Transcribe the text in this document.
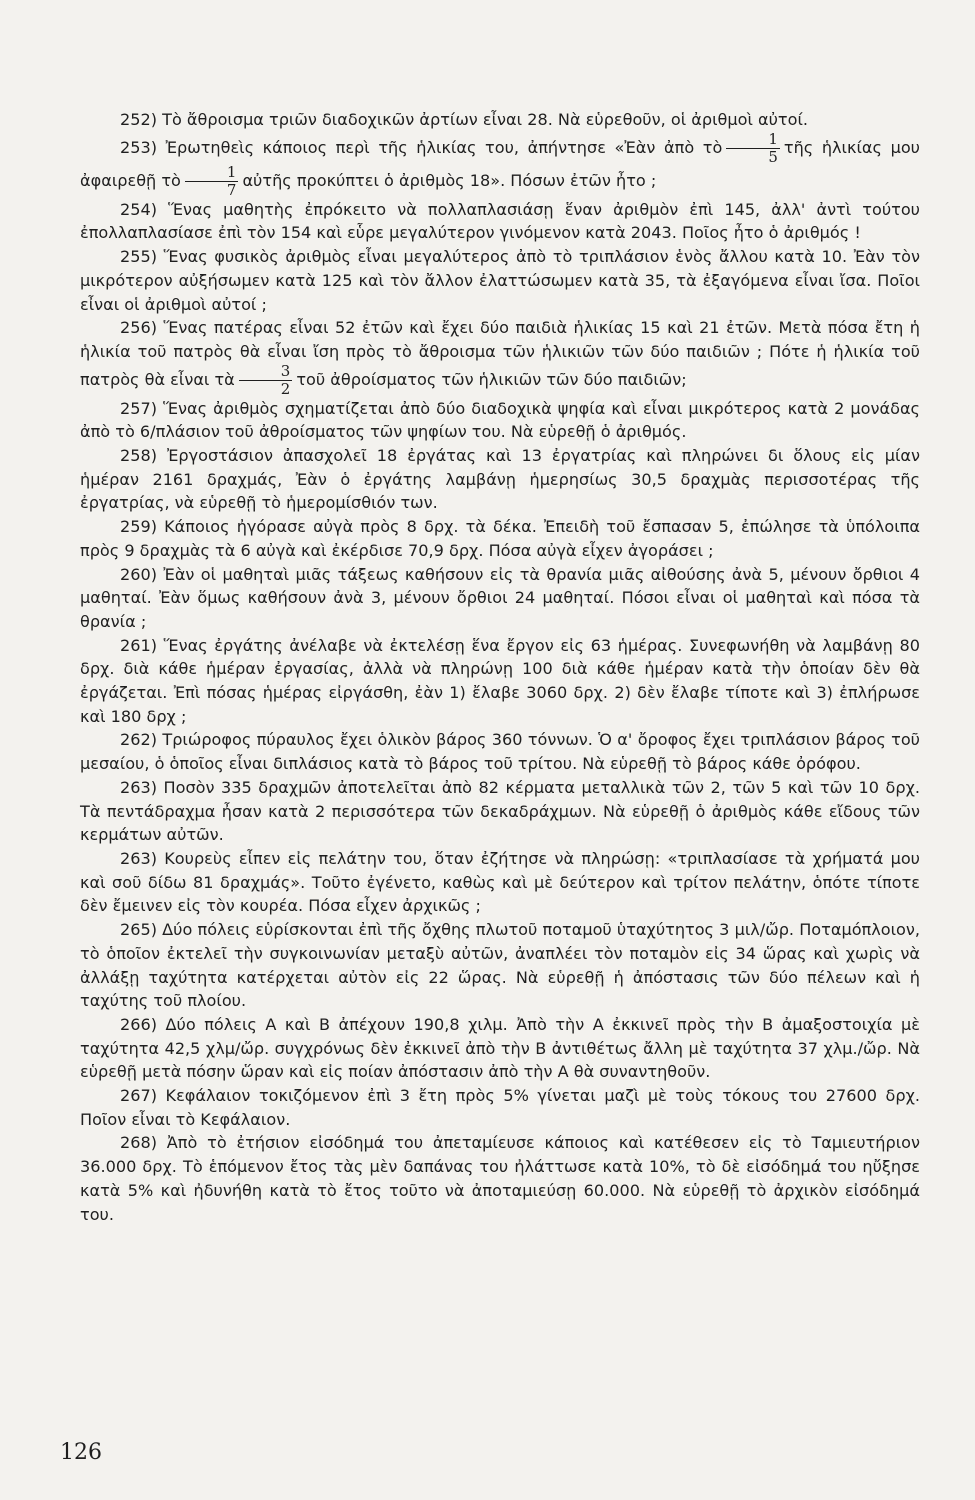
252) Τὸ ἄθροισμα τριῶν διαδοχικῶν ἀρτίων εἶναι 28. Νὰ εὑρεθοῦν, οἱ ἀριθμοὶ αὐτοί.

253) Ἐρωτηθεὶς κάποιος περὶ τῆς ἡλικίας του, ἀπήντησε «Ἐὰν ἀπὸ τὸ $\frac{1}{5}$ τῆς ἡλικίας μου ἀφαιρεθῇ τὸ $\frac{1}{7}$ αὐτῆς προκύπτει ὁ ἀριθμὸς 18». Πόσων ἐτῶν ἦτο ;

254) Ἕνας μαθητὴς ἐπρόκειτο νὰ πολλαπλασιάσῃ ἕναν ἀριθμὸν ἐπὶ 145, ἀλλ' ἀντὶ τούτου ἐπολλαπλασίασε ἐπὶ τὸν 154 καὶ εὗρε μεγαλύτερον γινόμενον κατὰ 2043. Ποῖος ἦτο ὁ ἀριθμός !

255) Ἕνας φυσικὸς ἀριθμὸς εἶναι μεγαλύτερος ἀπὸ τὸ τριπλάσιον ἑνὸς ἄλλου κατὰ 10. Ἐὰν τὸν μικρότερον αὐξήσωμεν κατὰ 125 καὶ τὸν ἄλλον ἐλαττώσωμεν κατὰ 35, τὰ ἐξαγόμενα εἶναι ἴσα. Ποῖοι εἶναι οἱ ἀριθμοὶ αὐτοί ;

256) Ἕνας πατέρας εἶναι 52 ἐτῶν καὶ ἔχει δύο παιδιὰ ἡλικίας 15 καὶ 21 ἐτῶν. Μετὰ πόσα ἔτη ἡ ἡλικία τοῦ πατρὸς θὰ εἶναι ἴση πρὸς τὸ ἄθροισμα τῶν ἡλικιῶν τῶν δύο παιδιῶν ; Πότε ἡ ἡλικία τοῦ πατρὸς θὰ εἶναι τὰ $\frac{3}{2}$ τοῦ ἀθροίσματος τῶν ἡλικιῶν τῶν δύο παιδιῶν;

257) Ἕνας ἀριθμὸς σχηματίζεται ἀπὸ δύο διαδοχικὰ ψηφία καὶ εἶναι μικρότερος κατὰ 2 μονάδας ἀπὸ τὸ 6/πλάσιον τοῦ ἀθροίσματος τῶν ψηφίων του. Νὰ εὑρεθῇ ὁ ἀριθμός.

258) Ἐργοστάσιον ἀπασχολεῖ 18 ἐργάτας καὶ 13 ἐργατρίας καὶ πληρώνει δι ὅλους εἰς μίαν ἡμέραν 2161 δραχμάς, Ἐὰν ὁ ἐργάτης λαμβάνῃ ἡμερησίως 30,5 δραχμὰς περισσοτέρας τῆς ἐργατρίας, νὰ εὑρεθῇ τὸ ἡμερομίσθιόν των.

259) Κάποιος ἠγόρασε αὐγὰ πρὸς 8 δρχ. τὰ δέκα. Ἐπειδὴ τοῦ ἔσπασαν 5, ἐπώλησε τὰ ὑπόλοιπα πρὸς 9 δραχμὰς τὰ 6 αὐγὰ καὶ ἐκέρδισε 70,9 δρχ. Πόσα αὐγὰ εἶχεν ἀγοράσει ;

260) Ἐὰν οἱ μαθηταὶ μιᾶς τάξεως καθήσουν εἰς τὰ θρανία μιᾶς αἰθούσης ἀνὰ 5, μένουν ὄρθιοι 4 μαθηταί. Ἐὰν ὅμως καθήσουν ἀνὰ 3, μένουν ὄρθιοι 24 μαθηταί. Πόσοι εἶναι οἱ μαθηταὶ καὶ πόσα τὰ θρανία ;

261) Ἕνας ἐργάτης ἀνέλαβε νὰ ἐκτελέσῃ ἕνα ἔργον εἰς 63 ἡμέρας. Συνεφωνήθη νὰ λαμβάνῃ 80 δρχ. διὰ κάθε ἡμέραν ἐργασίας, ἀλλὰ νὰ πληρώνῃ 100 διὰ κάθε ἡμέραν κατὰ τὴν ὁποίαν δὲν θὰ ἐργάζεται. Ἐπὶ πόσας ἡμέρας εἰργάσθη, ἐὰν 1) ἔλαβε 3060 δρχ. 2) δὲν ἔλαβε τίποτε καὶ 3) ἐπλήρωσε καὶ 180 δρχ ;

262) Τριώροφος πύραυλος ἔχει ὁλικὸν βάρος 360 τόννων. Ὁ α' ὄροφος ἔχει τριπλάσιον βάρος τοῦ μεσαίου, ὁ ὁποῖος εἶναι διπλάσιος κατὰ τὸ βάρος τοῦ τρίτου. Νὰ εὑρεθῇ τὸ βάρος κάθε ὀρόφου.

263) Ποσὸν 335 δραχμῶν ἀποτελεῖται ἀπὸ 82 κέρματα μεταλλικὰ τῶν 2, τῶν 5 καὶ τῶν 10 δρχ. Τὰ πεντάδραχμα ἦσαν κατὰ 2 περισσότερα τῶν δεκαδράχμων. Νὰ εὑρεθῇ ὁ ἀριθμὸς κάθε εἴδους τῶν κερμάτων αὐτῶν.

263) Κουρεὺς εἶπεν εἰς πελάτην του, ὅταν ἐζήτησε νὰ πληρώσῃ: «τριπλασίασε τὰ χρήματά μου καὶ σοῦ δίδω 81 δραχμάς». Τοῦτο ἐγένετο, καθὼς καὶ μὲ δεύτερον καὶ τρίτον πελάτην, ὁπότε τίποτε δὲν ἔμεινεν εἰς τὸν κουρέα. Πόσα εἶχεν ἀρχικῶς ;

265) Δύο πόλεις εὑρίσκονται ἐπὶ τῆς ὄχθης πλωτοῦ ποταμοῦ ὑταχύτητος 3 μιλ/ὤρ. Ποταμόπλοιον, τὸ ὁποῖον ἐκτελεῖ τὴν συγκοινωνίαν μεταξὺ αὐτῶν, ἀναπλέει τὸν ποταμὸν εἰς 34 ὥρας καὶ χωρὶς νὰ ἀλλάξῃ ταχύτητα κατέρχεται αὐτὸν εἰς 22 ὥρας. Νὰ εὑρεθῇ ἡ ἀπόστασις τῶν δύο πέλεων καὶ ἡ ταχύτης τοῦ πλοίου.

266) Δύο πόλεις Α καὶ Β ἀπέχουν 190,8 χιλμ. Ἀπὸ τὴν Α ἐκκινεῖ πρὸς τὴν Β ἀμαξοστοιχία μὲ ταχύτητα 42,5 χλμ/ὤρ. συγχρόνως δὲν ἐκκινεῖ ἀπὸ τὴν Β ἀντιθέτως ἄλλη μὲ ταχύτητα 37 χλμ./ὤρ. Νὰ εὑρεθῇ μετὰ πόσην ὥραν καὶ εἰς ποίαν ἀπόστασιν ἀπὸ τὴν Α θὰ συναντηθοῦν.

267) Κεφάλαιον τοκιζόμενον ἐπὶ 3 ἔτη πρὸς 5% γίνεται μαζὶ μὲ τοὺς τόκους του 27600 δρχ. Ποῖον εἶναι τὸ Κεφάλαιον.

268) Ἀπὸ τὸ ἐτήσιον εἰσόδημά του ἀπεταμίευσε κάποιος καὶ κατέθεσεν εἰς τὸ Ταμιευτήριον 36.000 δρχ. Τὸ ἑπόμενον ἔτος τὰς μὲν δαπάνας του ἠλάττωσε κατὰ 10%, τὸ δὲ εἰσόδημά του ηὔξησε κατὰ 5% καὶ ἠδυνήθη κατὰ τὸ ἔτος τοῦτο νὰ ἀποταμιεύσῃ 60.000. Νὰ εὑρεθῇ τὸ ἀρχικὸν εἰσόδημά του.

126
